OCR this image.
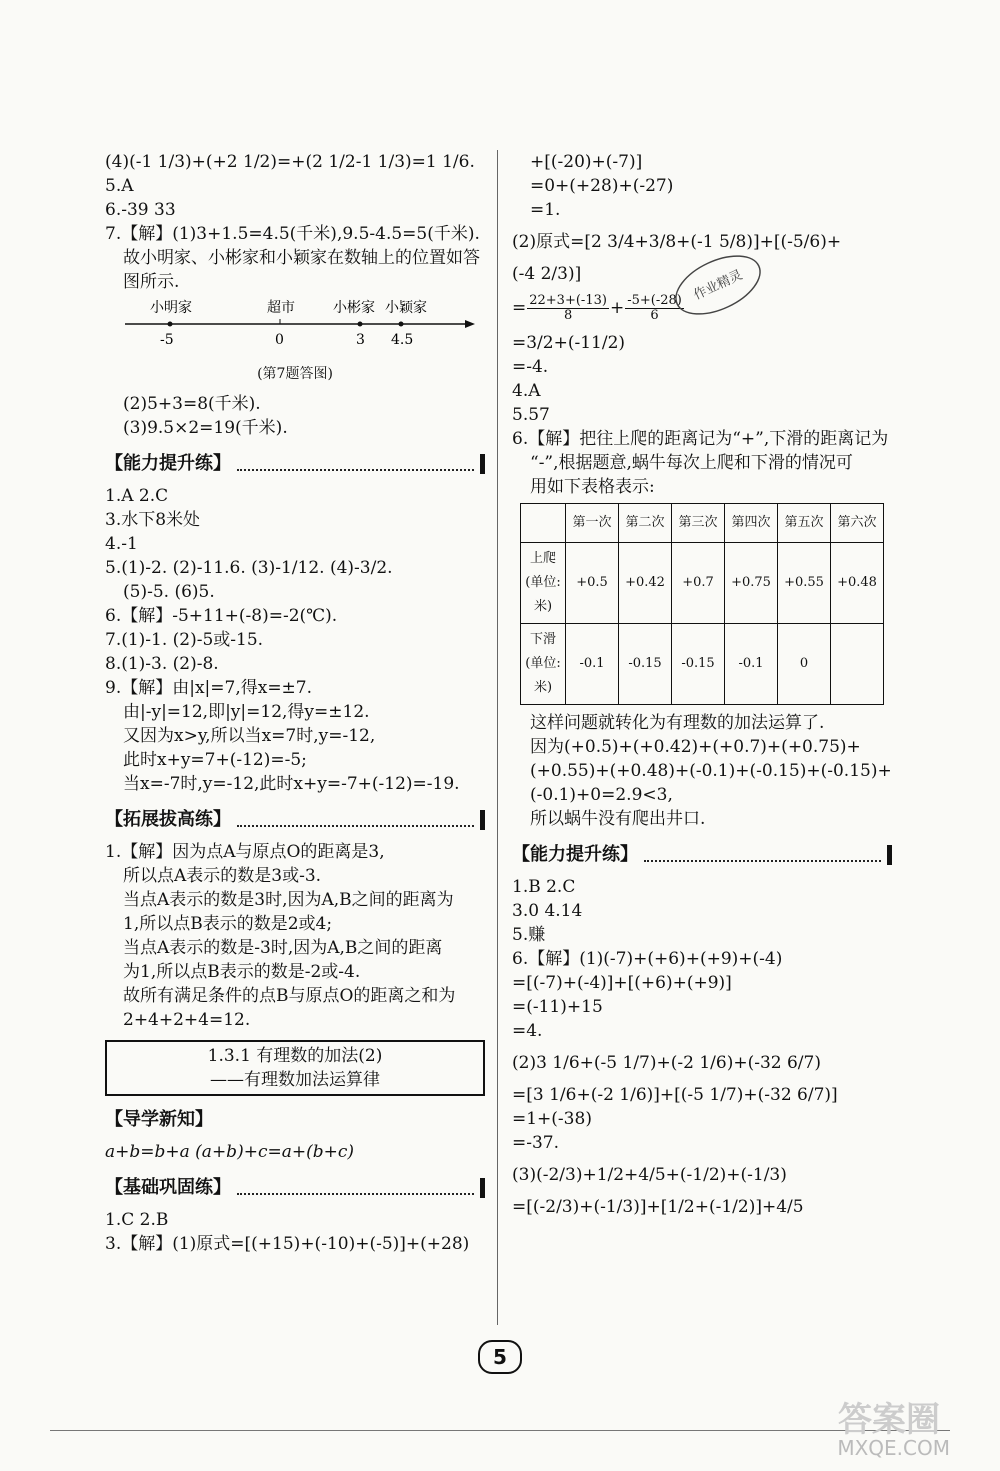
(4)(-1 1/3)+(+2 1/2)=+(2 1/2-1 1/3)=1 1/6.
5.A
6.-39 33
7.【解】(1)3+1.5=4.5(千米),9.5-4.5=5(千米).
故小明家、小彬家和小颖家在数轴上的位置如答
图所示.
小明家	超市	小彬家 小颖家
-5	0	3 4.5
(第7题答图)
(2)5+3=8(千米).
(3)9.5×2=19(千米).
【能力提升练】
1.A 2.C
3.水下8米处
4.-1
5.(1)-2. (2)-11.6. (3)-1/12. (4)-3/2.
(5)-5. (6)5.
6.【解】-5+11+(-8)=-2(℃).
7.(1)-1. (2)-5或-15.
8.(1)-3. (2)-8.
9.【解】由|x|=7,得x=±7.
由|-y|=12,即|y|=12,得y=±12.
又因为x>y,所以当x=7时,y=-12,
此时x+y=7+(-12)=-5;
当x=-7时,y=-12,此时x+y=-7+(-12)=-19.
【拓展拔高练】
1.【解】因为点A与原点O的距离是3,
所以点A表示的数是3或-3.
当点A表示的数是3时,因为A,B之间的距离为
1,所以点B表示的数是2或4;
当点A表示的数是-3时,因为A,B之间的距离
为1,所以点B表示的数是-2或-4.
故所有满足条件的点B与原点O的距离之和为
2+4+2+4=12.
1.3.1 有理数的加法(2)
——有理数加法运算律
【导学新知】
a+b=b+a (a+b)+c=a+(b+c)
【基础巩固练】
1.C 2.B
3.【解】(1)原式=[(+15)+(-10)+(-5)]+(+28)
+[(-20)+(-7)]
=0+(+28)+(-27)
=1.
(2)原式=[2 3/4+3/8+(-1 5/8)]+[(-5/6)+
(-4 2/3)]
= $\frac{22+3+(-13)}{8} + \frac{-5+(-28)}{6}$
=3/2+(-11/2)
=-4.
4.A
5.57
6.【解】把往上爬的距离记为“+”,下滑的距离记为
“-”,根据题意,蜗牛每次上爬和下滑的情况可
用如下表格表示:
	第一次	第二次	第三次	第四次	第五次	第六次
上爬(单位:米)	+0.5	+0.42	+0.7	+0.75	+0.55	+0.48
下滑(单位:米)	-0.1	-0.15	-0.15	-0.1	0	
这样问题就转化为有理数的加法运算了.
因为(+0.5)+(+0.42)+(+0.7)+(+0.75)+
(+0.55)+(+0.48)+(-0.1)+(-0.15)+(-0.15)+
(-0.1)+0=2.9<3,
所以蜗牛没有爬出井口.
【能力提升练】
1.B 2.C
3.0 4.14
5.赚
6.【解】(1)(-7)+(+6)+(+9)+(-4)
=[(-7)+(-4)]+[(+6)+(+9)]
=(-11)+15
=4.
(2)3 1/6+(-5 1/7)+(-2 1/6)+(-32 6/7)
=[3 1/6+(-2 1/6)]+[(-5 1/7)+(-32 6/7)]
=1+(-38)
=-37.
(3)(-2/3)+1/2+4/5+(-1/2)+(-1/3)
=[(-2/3)+(-1/3)]+[1/2+(-1/2)]+4/5
作业精灵
5
答案圈
MXQE.COM
